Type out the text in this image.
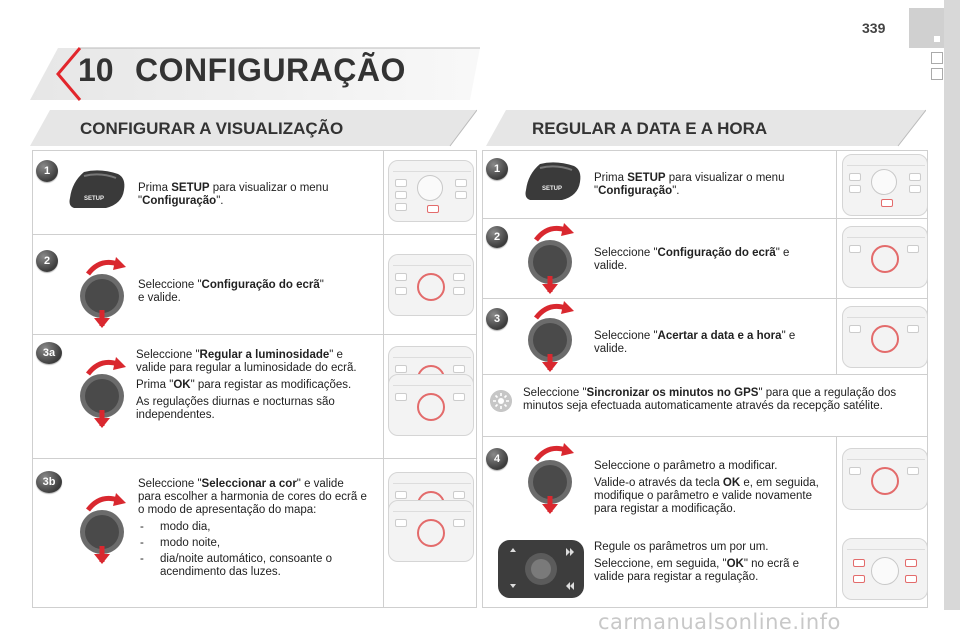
339
10 CONFIGURAÇÃO
CONFIGURAR A VISUALIZAÇÃO
1
SETUP

Prima SETUP para visualizar o menu "Configuração".

2

Seleccione "Configuração do ecrã"
e valide.

3a	Seleccione "Regular a luminosidade" e valide para regular a luminosidade do ecrã.

Prima "OK" para registar as modificações.

As regulações diurnas e nocturnas são independentes.

3b	Seleccione "Seleccionar a cor" e valide para escolher a harmonia de cores do ecrã e o modo de apresentação do mapa:

- modo dia,
- modo noite,
- dia/noite automático, consoante o acendimento das luzes.
REGULAR A DATA E A HORA
1
SETUP

Prima SETUP para visualizar o menu "Configuração".

2

Seleccione "Configuração do ecrã" e valide.

3

Seleccione "Acertar a data e a hora" e valide.

Seleccione "Sincronizar os minutos no GPS" para que a regulação dos minutos seja efectuada automaticamente através da recepção satélite.

4

Seleccione o parâmetro a modificar.

Valide-o através da tecla OK e, em seguida, modifique o parâmetro e valide novamente para registar a modificação.

Regule os parâmetros um por um.

Seleccione, em seguida, "OK" no ecrã e valide para registar a regulação.

carmanualsonline.info
